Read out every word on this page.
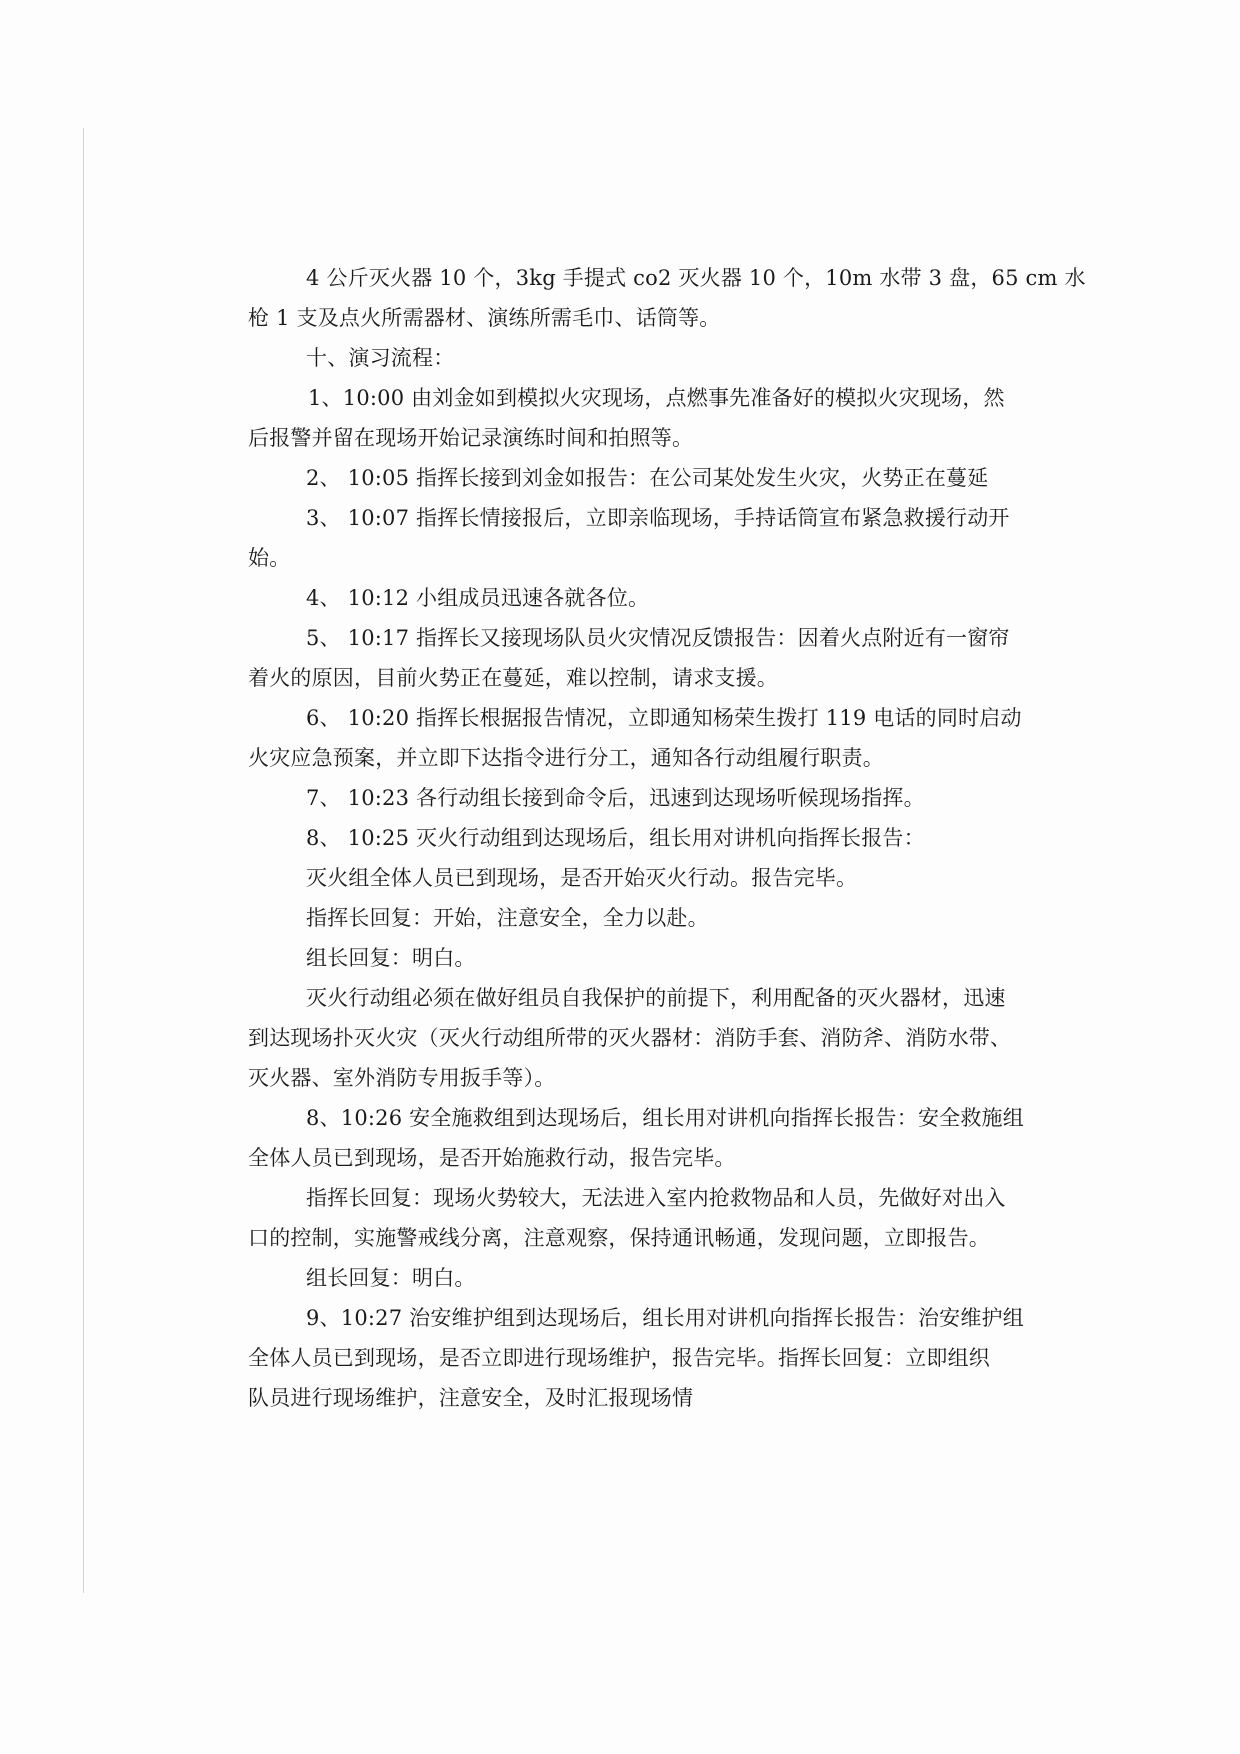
4 公斤灭火器 10 个，3kg 手提式 co2 灭火器 10 个，10m 水带 3 盘，65 cm 水

枪 1 支及点火所需器材、演练所需毛巾、话筒等。

十、演习流程：

1、10:00 由刘金如到模拟火灾现场，点燃事先准备好的模拟火灾现场，然

后报警并留在现场开始记录演练时间和拍照等。

2、 10:05 指挥长接到刘金如报告：在公司某处发生火灾，火势正在蔓延

3、 10:07 指挥长情接报后，立即亲临现场，手持话筒宣布紧急救援行动开

始。

4、 10:12 小组成员迅速各就各位。

5、 10:17 指挥长又接现场队员火灾情况反馈报告：因着火点附近有一窗帘

着火的原因，目前火势正在蔓延，难以控制，请求支援。

6、 10:20 指挥长根据报告情况，立即通知杨荣生拨打 119 电话的同时启动

火灾应急预案，并立即下达指令进行分工，通知各行动组履行职责。

7、 10:23 各行动组长接到命令后，迅速到达现场听候现场指挥。

8、 10:25 灭火行动组到达现场后，组长用对讲机向指挥长报告：

灭火组全体人员已到现场，是否开始灭火行动。报告完毕。

指挥长回复：开始，注意安全，全力以赴。

组长回复：明白。

灭火行动组必须在做好组员自我保护的前提下，利用配备的灭火器材，迅速

到达现场扑灭火灾（灭火行动组所带的灭火器材：消防手套、消防斧、消防水带、

灭火器、室外消防专用扳手等）。

8、10:26 安全施救组到达现场后，组长用对讲机向指挥长报告：安全救施组

全体人员已到现场，是否开始施救行动，报告完毕。

指挥长回复：现场火势较大，无法进入室内抢救物品和人员，先做好对出入

口的控制，实施警戒线分离，注意观察，保持通讯畅通，发现问题，立即报告。

组长回复：明白。

9、10:27 治安维护组到达现场后，组长用对讲机向指挥长报告：治安维护组

全体人员已到现场，是否立即进行现场维护，报告完毕。指挥长回复：立即组织

队员进行现场维护，注意安全，及时汇报现场情
